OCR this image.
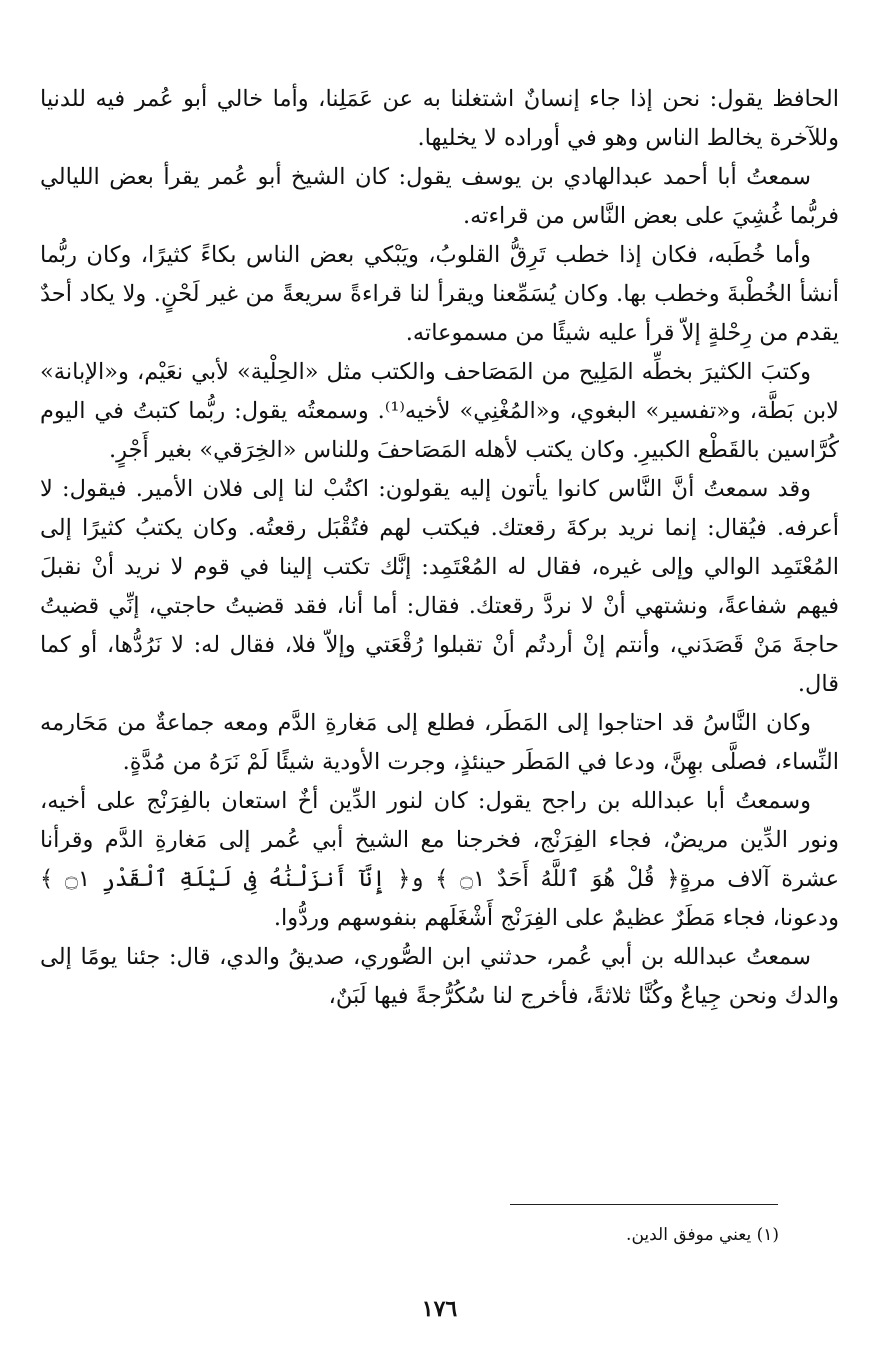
الحافظ يقول: نحن إذا جاء إنسانٌ اشتغلنا به عن عَمَلِنا، وأما خالي أبو عُمر فيه للدنيا وللآخرة يخالط الناس وهو في أوراده لا يخليها.

سمعتُ أبا أحمد عبدالهادي بن يوسف يقول: كان الشيخ أبو عُمر يقرأ بعض الليالي فربُّما غُشِيَ على بعض النَّاس من قراءته.

وأما خُطَبه، فكان إذا خطب تَرِقُّ القلوبُ، ويَبْكي بعض الناس بكاءً كثيرًا، وكان ربُّما أنشأ الخُطْبةَ وخطب بها. وكان يُسَمِّعنا ويقرأ لنا قراءةً سريعةً من غير لَحْنٍ. ولا يكاد أحدٌ يقدم من رِحْلةٍ إلاّ قرأ عليه شيئًا من مسموعاته.

وكتبَ الكثيرَ بخطِّه المَلِيح من المَصَاحف والكتب مثل «الحِلْية» لأبي نعَيْم، و«الإبانة» لابن بَطَّة، و«تفسير» البغوي، و«المُغْنِي» لأخيه⁽¹⁾. وسمعتُه يقول: ربُّما كتبتُ في اليوم كُرَّاسين بالقَطْع الكبيرِ. وكان يكتب لأهله المَصَاحفَ وللناس «الخِرَقي» بغير أَجْرٍ.

وقد سمعتُ أنَّ النَّاس كانوا يأتون إليه يقولون: اكتُبْ لنا إلى فلان الأمير. فيقول: لا أعرفه. فيُقال: إنما نريد بركةَ رقعتك. فيكتب لهم فتُقْبَل رقعتُه. وكان يكتبُ كثيرًا إلى المُعْتَمِد الوالي وإلى غيره، فقال له المُعْتَمِد: إنَّك تكتب إلينا في قوم لا نريد أنْ نقبلَ فيهم شفاعةً، ونشتهي أنْ لا نردَّ رقعتك. فقال: أما أنا، فقد قضيتُ حاجتي، إنِّي قضيتُ حاجةَ مَنْ قَصَدَني، وأنتم إنْ أردتُم أنْ تقبلوا رُقْعَتي وإلاّ فلا، فقال له: لا نَرُدُّها، أو كما قال.

وكان النَّاسُ قد احتاجوا إلى المَطَر، فطلع إلى مَغارةِ الدَّم ومعه جماعةٌ من مَحَارمه النِّساء، فصلَّى بهِنَّ، ودعا في المَطَر حينئذٍ، وجرت الأودية شيئًا لَمْ نَرَهُ من مُدَّةٍ.

وسمعتُ أبا عبدالله بن راجح يقول: كان لنور الدِّين أخٌ استعان بالفِرَنْج على أخيه، ونور الدِّين مريضٌ، فجاء الفِرَنْج، فخرجنا مع الشيخ أبي عُمر إلى مَغارةِ الدَّم وقرأنا عشرة آلاف مرةٍ﴿ قُلْ هُوَ ٱللَّهُ أَحَدٌ ۝١ ﴾ و﴿ إِنَّآ أَنزَلْنَٰهُ فِى لَيْلَةِ ٱلْقَدْرِ ۝١ ﴾ ودعونا، فجاء مَطَرٌ عظيمٌ على الفِرَنْج أَشْغَلَهم بنفوسهم وردُّوا.

سمعتُ عبدالله بن أبي عُمر، حدثني ابن الصُّوري، صديقُ والدي، قال: جئنا يومًا إلى والدك ونحن جِياعٌ وكُنَّا ثلاثةً، فأخرج لنا سُكُرُّجةً فيها لَبَنٌ،

(١) يعني موفق الدين.
١٧٦
